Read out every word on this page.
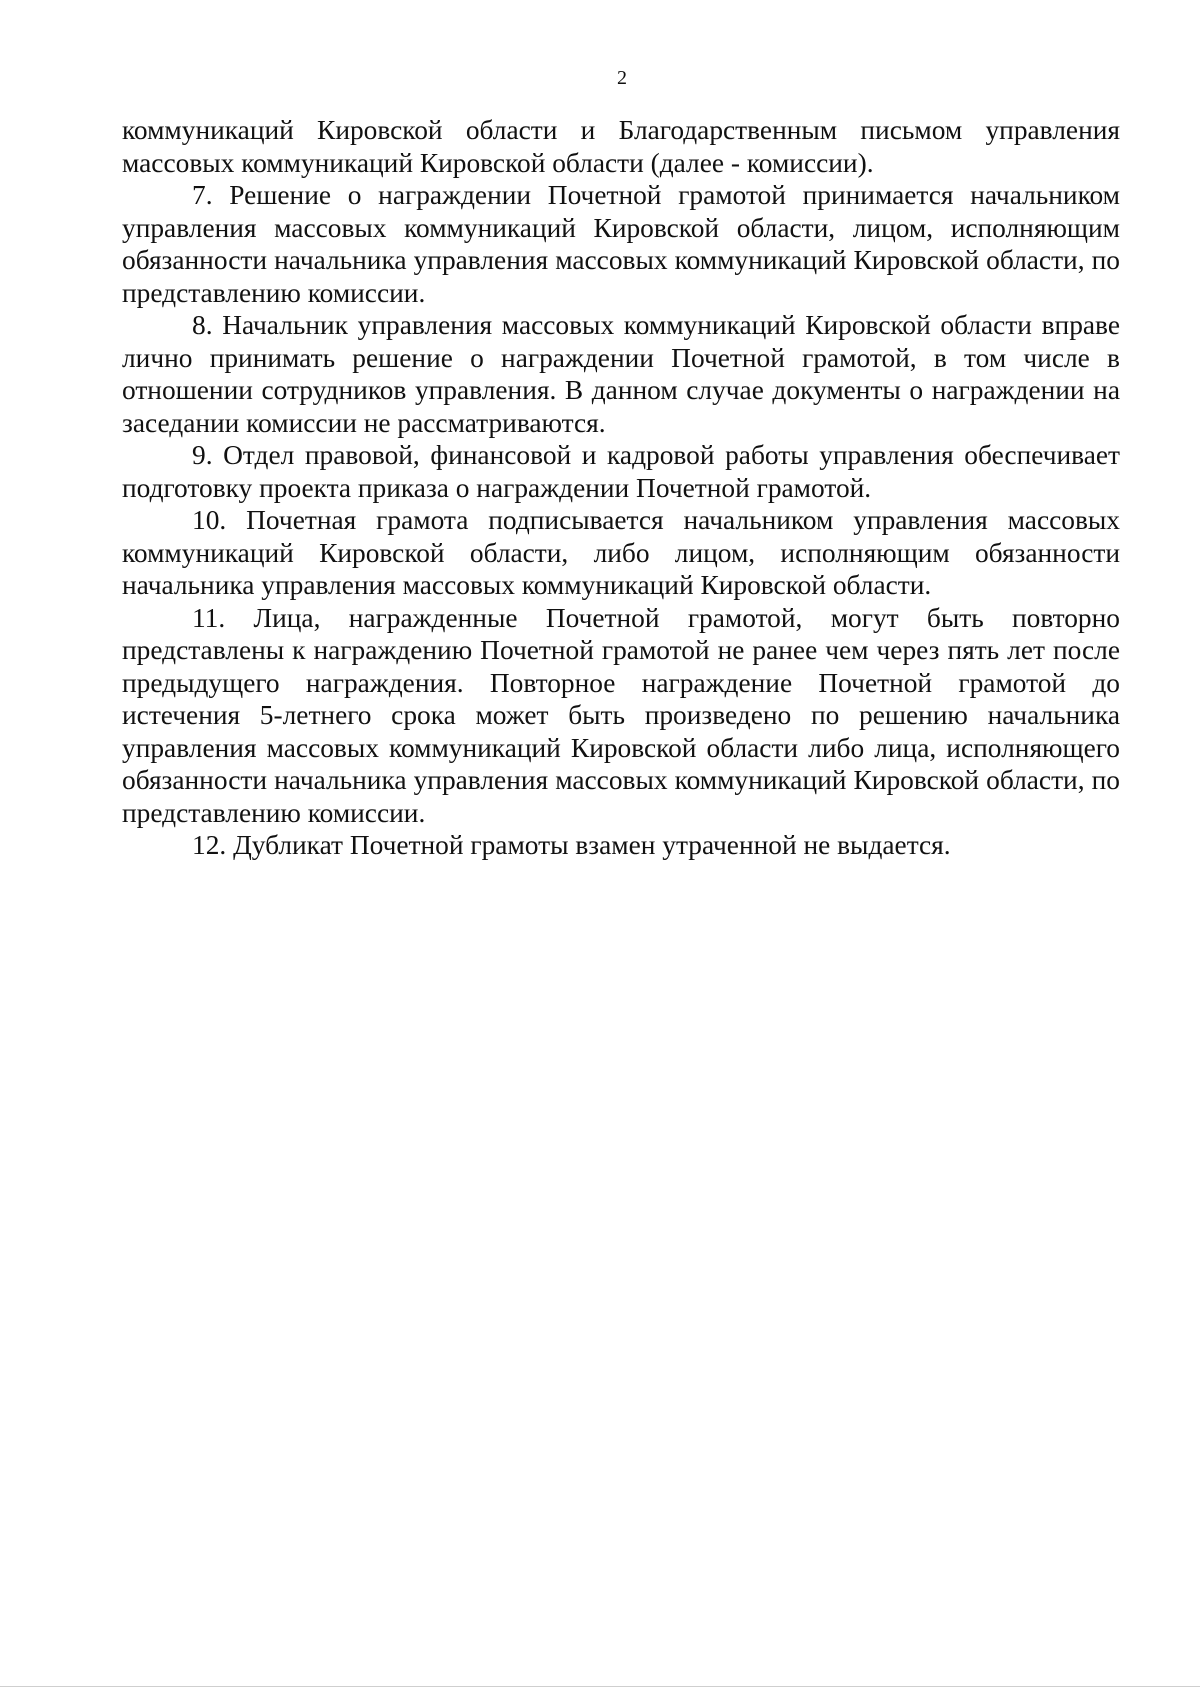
2

коммуникаций Кировской области и Благодарственным письмом управления массовых коммуникаций Кировской области (далее - комиссии).

7. Решение о награждении Почетной грамотой принимается начальником управления массовых коммуникаций Кировской области, лицом, исполняющим обязанности начальника управления массовых коммуникаций Кировской области, по представлению комиссии.

8. Начальник управления массовых коммуникаций Кировской области вправе лично принимать решение о награждении Почетной грамотой, в том числе в отношении сотрудников управления. В данном случае документы о награждении на заседании комиссии не рассматриваются.

9. Отдел правовой, финансовой и кадровой работы управления обеспечивает подготовку проекта приказа о награждении Почетной грамотой.

10. Почетная грамота подписывается начальником управления массовых коммуникаций Кировской области, либо лицом, исполняющим обязанности начальника управления массовых коммуникаций Кировской области.

11. Лица, награжденные Почетной грамотой, могут быть повторно представлены к награждению Почетной грамотой не ранее чем через пять лет после предыдущего награждения. Повторное награждение Почетной грамотой до истечения 5-летнего срока может быть произведено по решению начальника управления массовых коммуникаций Кировской области либо лица, исполняющего обязанности начальника управления массовых коммуникаций Кировской области, по представлению комиссии.

12. Дубликат Почетной грамоты взамен утраченной не выдается.
